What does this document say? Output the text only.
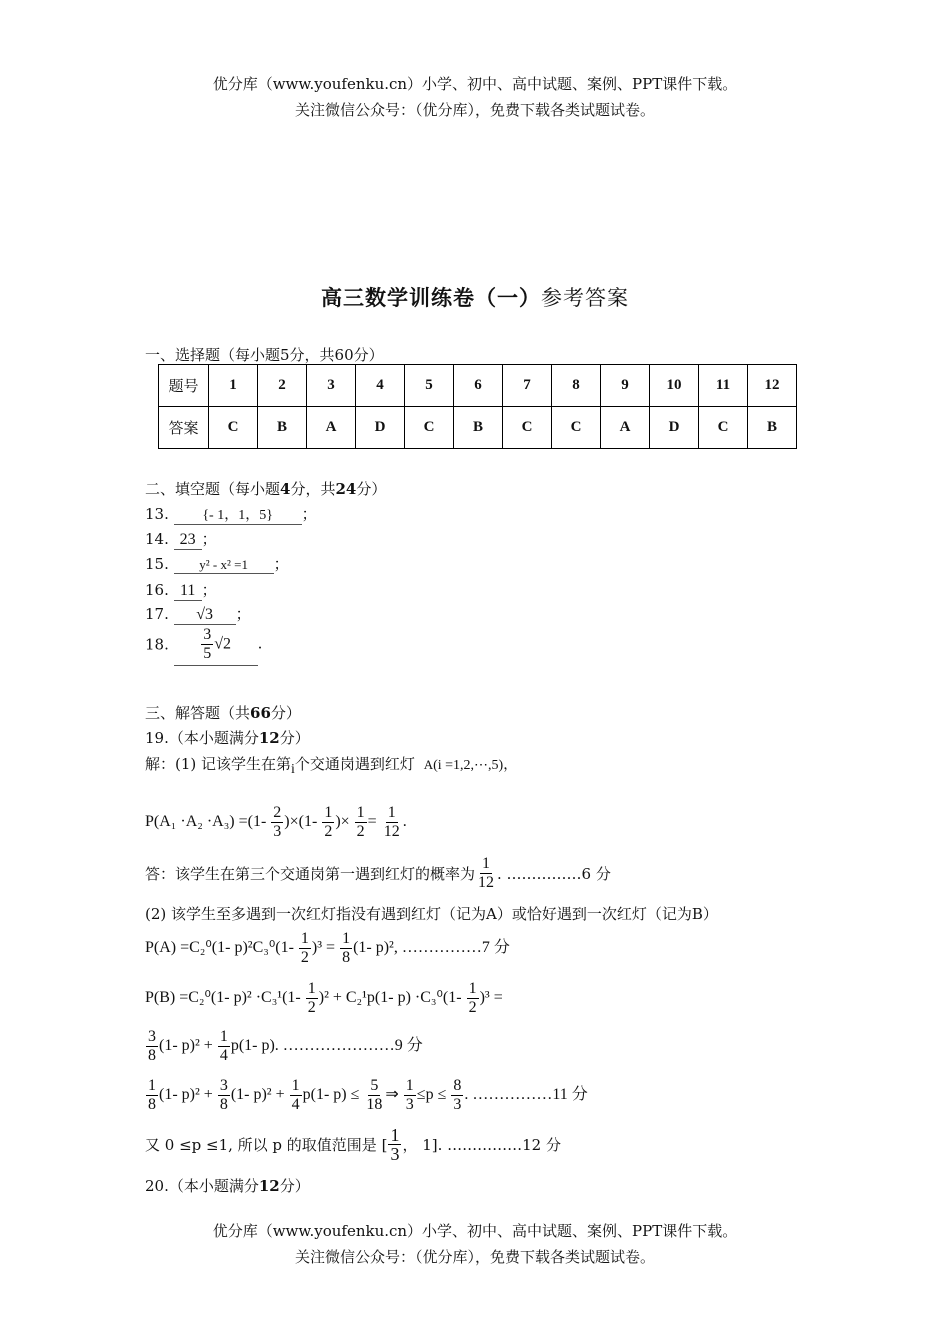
优分库（www.youfenku.cn）小学、初中、高中试题、案例、PPT课件下载。
关注微信公众号：（优分库），免费下载各类试题试卷。
高三数学训练卷（一）参考答案
一、选择题（每小题5分，共60分）
题号	1	2	3	4	5	6	7	8	9	10	11	12
答案	C	B	A	D	C	B	C	C	A	D	C	B
二、填空题（每小题4分，共24分）
13. {- 1，1，5} ；
14. 23 ；
15. y² - x² =1 ；
16. 11 ；
17. √3 ；
18. $\frac{3}{5} √2$ .
三、解答题（共66分）
19.（本小题满分12分）
解：(1) 记该学生在第$_i$个交通岗遇到红灯 A(i =1,2,⋯,5)，
$P(A_1 \cdot A_2 \cdot A_3) =(1- \frac{2}{3} )\times(1- \frac{1}{2}$ )× $\frac{1}{2} = \frac{1}{12}$ .
答：该学生在第三个交通岗第一遇到红灯的概率为 $\frac{1}{12}$ . ……………6 分
(2) 该学生至多遇到一次红灯指没有遇到红灯（记为A）或恰好遇到一次红灯（记为B）
P(A) =C₂⁰(1- $p)^2C_3^0(1- \frac{1}{2} )^3 = \frac{1}{8} (1-$ p)², ……………7 分
P(B) =C₂⁰(1- $p)^2 \cdot C_3^1(1- \frac{1}{2} )^2 + C_2^1p(1-$ $p) \cdot C_3^0(1- \frac{1}{2} )^3$ =
$\frac{3}{8} (1-$ $p)^2 + \frac{1}{4} p(1-$ p). …………………9 分
$\frac{1}{8} (1-$ $p)^2 + \frac{3}{8} (1-$ $p)^2 + \frac{1}{4} p(1-$ $p) \le \frac{5}{18}$ ⇒ $\frac{1}{3} \le p \le \frac{8}{3}$ . ……………11 分
又 0 ≤p ≤1, 所以 p 的取值范围是 [ $\frac{1}{3}$ ， 1]. ……………12 分
20.（本小题满分12分）
优分库（www.youfenku.cn）小学、初中、高中试题、案例、PPT课件下载。
关注微信公众号：（优分库），免费下载各类试题试卷。
